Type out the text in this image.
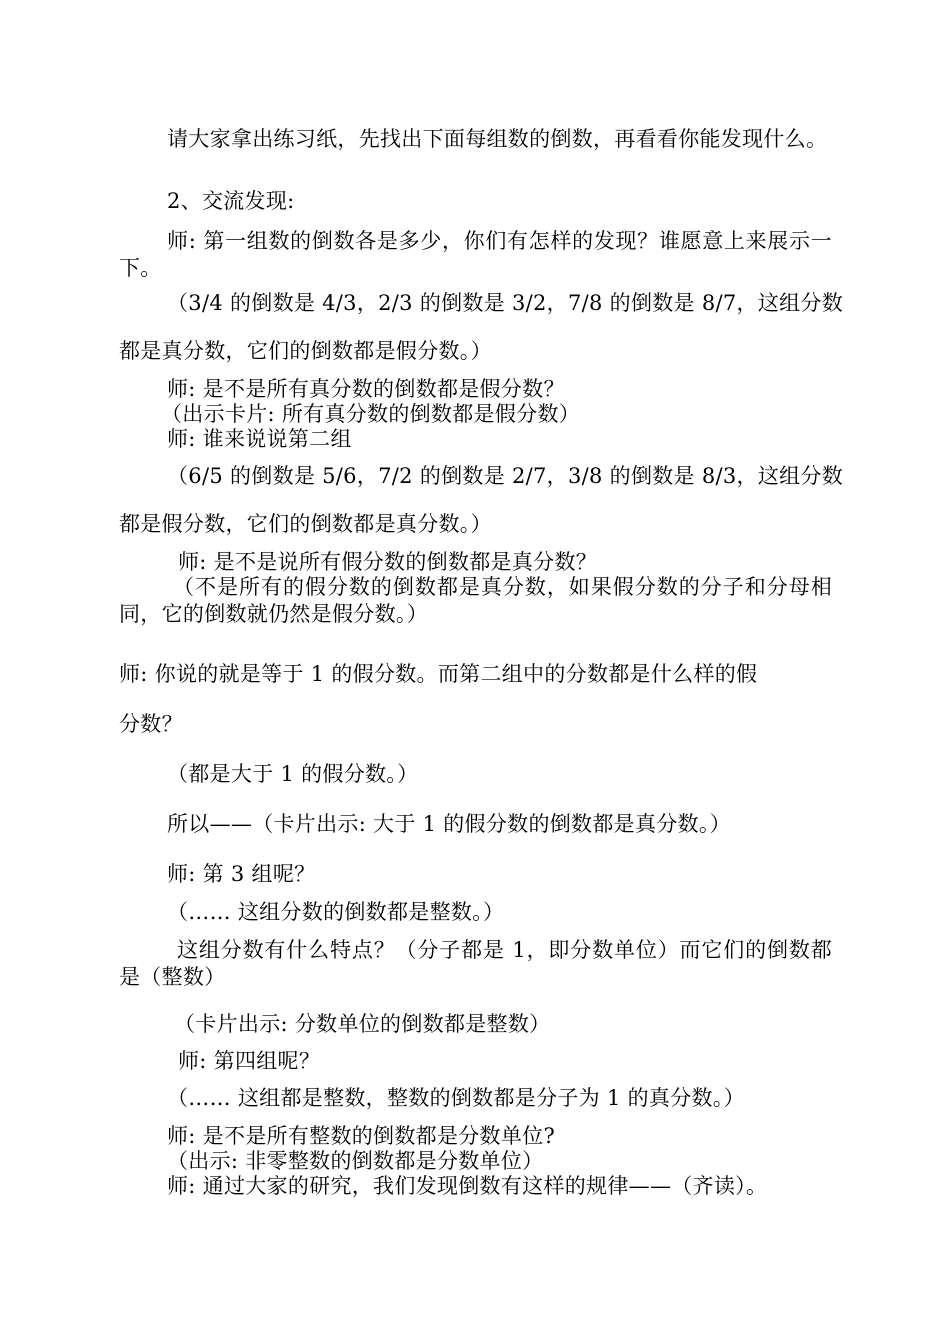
请大家拿出练习纸，先找出下面每组数的倒数，再看看你能发现什么。

2、交流发现:

师: 第一组数的倒数各是多少，你们有怎样的发现？谁愿意上来展示一下。

（3/4 的倒数是 4/3，2/3 的倒数是 3/2，7/8 的倒数是 8/7，这组分数

都是真分数，它们的倒数都是假分数。）

师: 是不是所有真分数的倒数都是假分数？

（出示卡片: 所有真分数的倒数都是假分数）

师: 谁来说说第二组

（6/5 的倒数是 5/6，7/2 的倒数是 2/7，3/8 的倒数是 8/3，这组分数

都是假分数，它们的倒数都是真分数。）

师: 是不是说所有假分数的倒数都是真分数？

（不是所有的假分数的倒数都是真分数，如果假分数的分子和分母相同，它的倒数就仍然是假分数。）

师: 你说的就是等于 1 的假分数。而第二组中的分数都是什么样的假

分数？

（都是大于 1 的假分数。）

所以——（卡片出示: 大于 1 的假分数的倒数都是真分数。）

师: 第 3 组呢？

（…… 这组分数的倒数都是整数。）

这组分数有什么特点？（分子都是 1，即分数单位）而它们的倒数都是（整数）

（卡片出示: 分数单位的倒数都是整数）

师: 第四组呢？

（…… 这组都是整数，整数的倒数都是分子为 1 的真分数。）

师: 是不是所有整数的倒数都是分数单位?

（出示: 非零整数的倒数都是分数单位）

师: 通过大家的研究，我们发现倒数有这样的规律——（齐读）。
